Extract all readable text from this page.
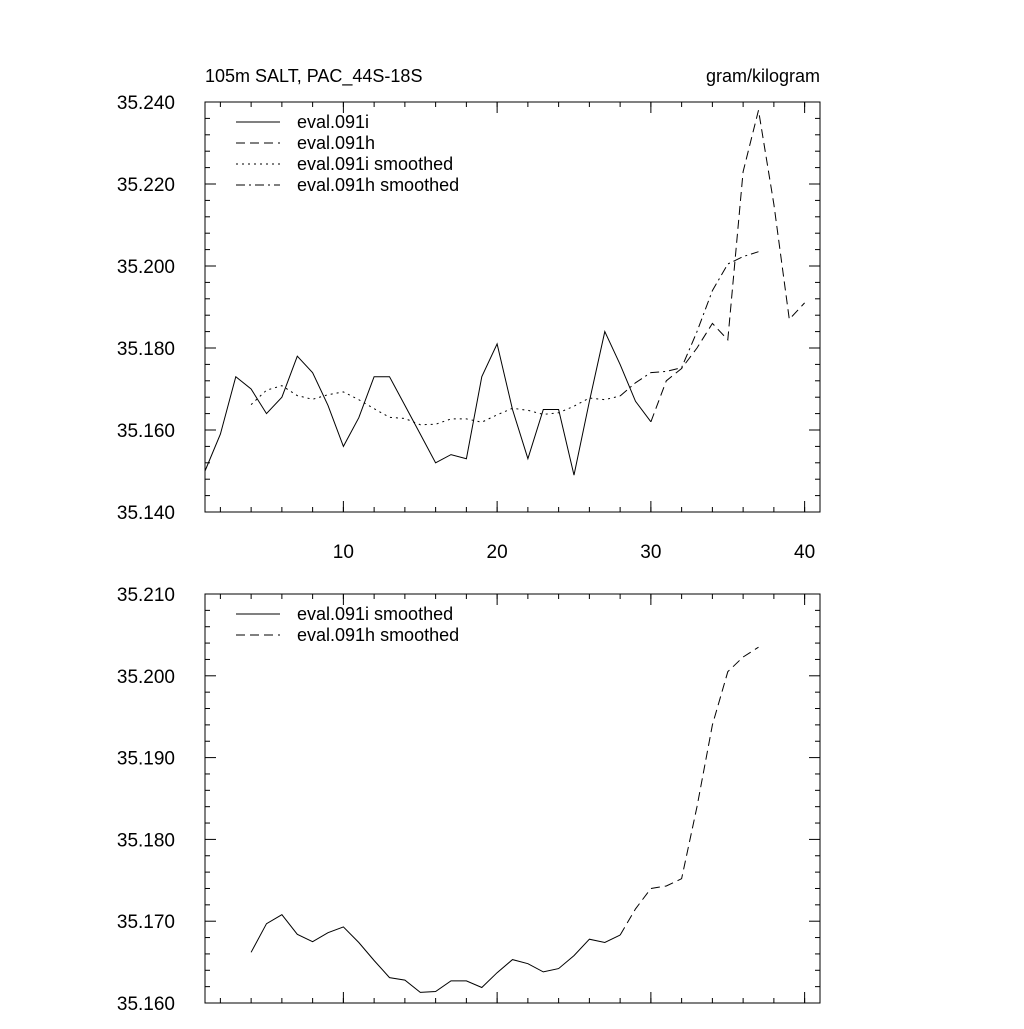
35.140
35.160
35.180
35.200
35.220
35.240
10	20	30	40
105m SALT, PAC_44S-18S	gram/kilogram
eval.091i
eval.091h
eval.091i smoothed
eval.091h smoothed
35.160
35.170
35.180
35.190
35.200
35.210
eval.091i smoothed
eval.091h smoothed
